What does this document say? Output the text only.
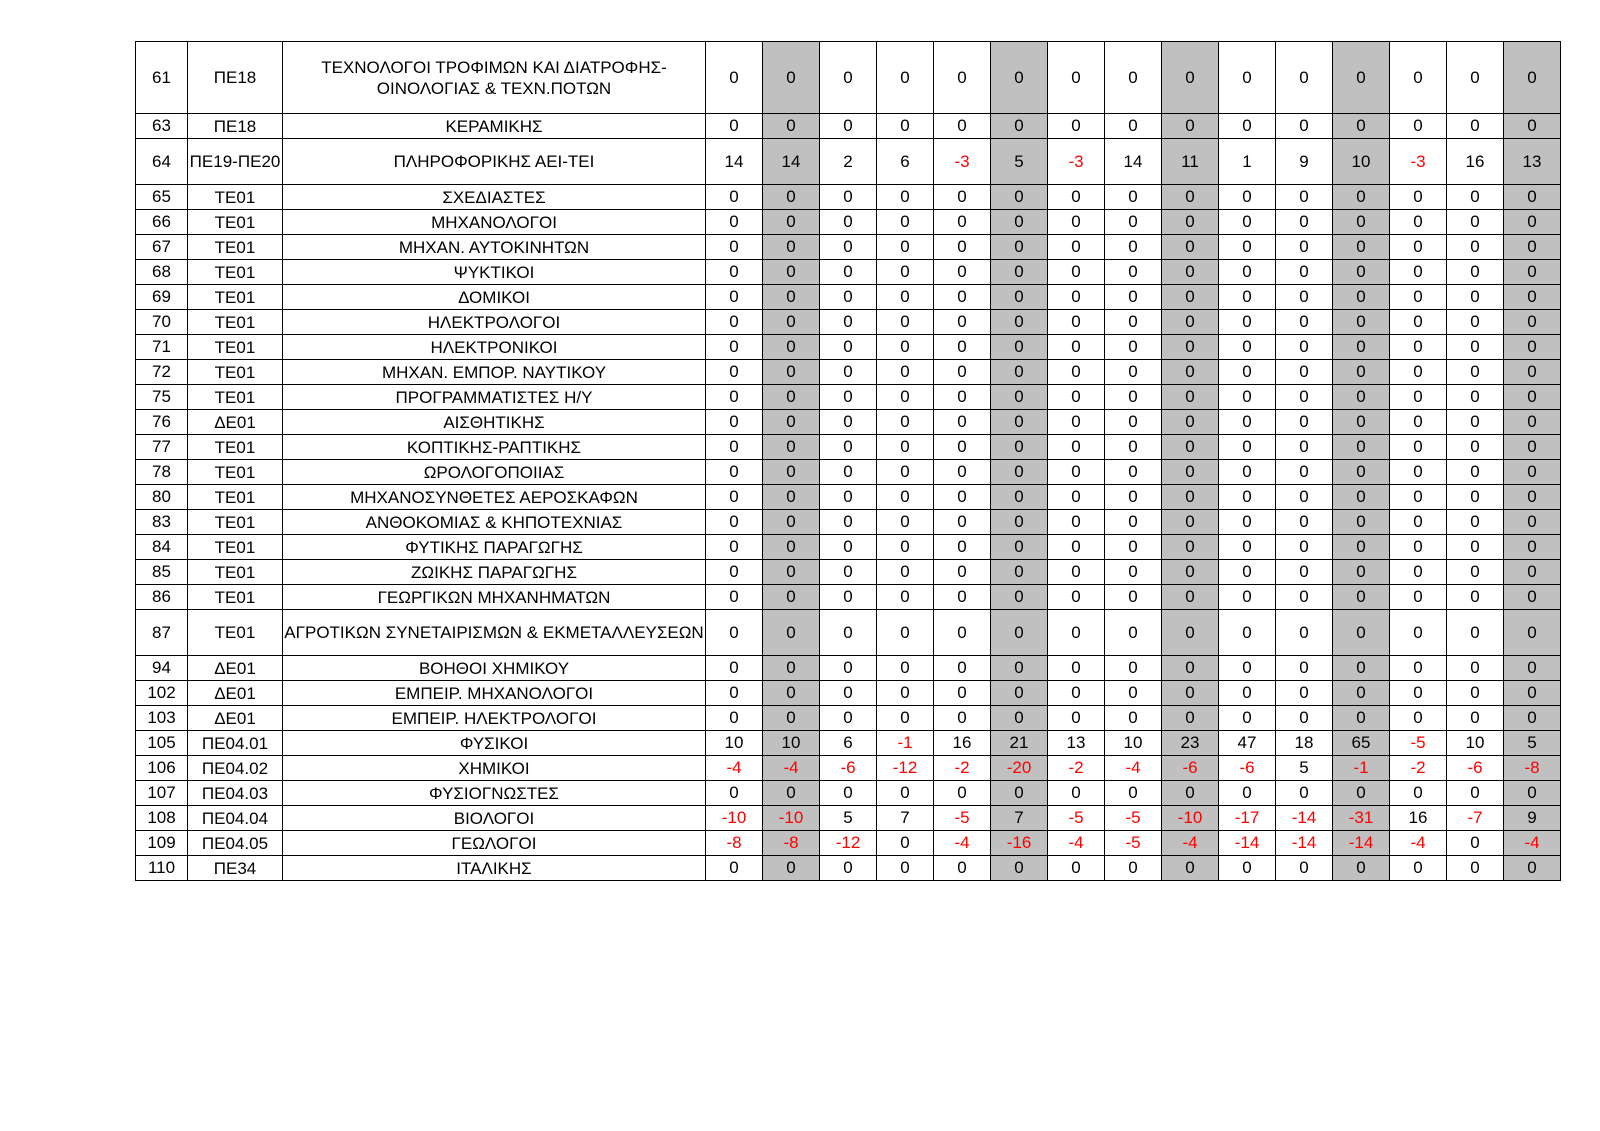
61	ΠΕ18	ΤΕΧΝΟΛΟΓΟΙ ΤΡΟΦΙΜΩΝ ΚΑΙ ΔΙΑΤΡΟΦΗΣ-ΟΙΝΟΛΟΓΙΑΣ & ΤΕΧΝ.ΠΟΤΩΝ	0	0	0	0	0	0	0	0	0	0	0	0	0	0	0
63	ΠΕ18	ΚΕΡΑΜΙΚΗΣ	0	0	0	0	0	0	0	0	0	0	0	0	0	0	0
64	ΠΕ19-ΠΕ20	ΠΛΗΡΟΦΟΡΙΚΗΣ ΑΕΙ-ΤΕΙ	14	14	2	6	-3	5	-3	14	11	1	9	10	-3	16	13
65	ΤΕ01	ΣΧΕΔΙΑΣΤΕΣ	0	0	0	0	0	0	0	0	0	0	0	0	0	0	0
66	ΤΕ01	ΜΗΧΑΝΟΛΟΓΟΙ	0	0	0	0	0	0	0	0	0	0	0	0	0	0	0
67	ΤΕ01	ΜΗΧΑΝ. ΑΥΤΟΚΙΝΗΤΩΝ	0	0	0	0	0	0	0	0	0	0	0	0	0	0	0
68	ΤΕ01	ΨΥΚΤΙΚΟΙ	0	0	0	0	0	0	0	0	0	0	0	0	0	0	0
69	ΤΕ01	ΔΟΜΙΚΟΙ	0	0	0	0	0	0	0	0	0	0	0	0	0	0	0
70	ΤΕ01	ΗΛΕΚΤΡΟΛΟΓΟΙ	0	0	0	0	0	0	0	0	0	0	0	0	0	0	0
71	ΤΕ01	ΗΛΕΚΤΡΟΝΙΚΟΙ	0	0	0	0	0	0	0	0	0	0	0	0	0	0	0
72	ΤΕ01	ΜΗΧΑΝ. ΕΜΠΟΡ. ΝΑΥΤΙΚΟΥ	0	0	0	0	0	0	0	0	0	0	0	0	0	0	0
75	ΤΕ01	ΠΡΟΓΡΑΜΜΑΤΙΣΤΕΣ Η/Υ	0	0	0	0	0	0	0	0	0	0	0	0	0	0	0
76	ΔΕ01	ΑΙΣΘΗΤΙΚΗΣ	0	0	0	0	0	0	0	0	0	0	0	0	0	0	0
77	ΤΕ01	ΚΟΠΤΙΚΗΣ-ΡΑΠΤΙΚΗΣ	0	0	0	0	0	0	0	0	0	0	0	0	0	0	0
78	ΤΕ01	ΩΡΟΛΟΓΟΠΟΙΙΑΣ	0	0	0	0	0	0	0	0	0	0	0	0	0	0	0
80	ΤΕ01	ΜΗΧΑΝΟΣΥΝΘΕΤΕΣ ΑΕΡΟΣΚΑΦΩΝ	0	0	0	0	0	0	0	0	0	0	0	0	0	0	0
83	ΤΕ01	ΑΝΘΟΚΟΜΙΑΣ & ΚΗΠΟΤΕΧΝΙΑΣ	0	0	0	0	0	0	0	0	0	0	0	0	0	0	0
84	ΤΕ01	ΦΥΤΙΚΗΣ ΠΑΡΑΓΩΓΗΣ	0	0	0	0	0	0	0	0	0	0	0	0	0	0	0
85	ΤΕ01	ΖΩΙΚΗΣ ΠΑΡΑΓΩΓΗΣ	0	0	0	0	0	0	0	0	0	0	0	0	0	0	0
86	ΤΕ01	ΓΕΩΡΓΙΚΩΝ ΜΗΧΑΝΗΜΑΤΩΝ	0	0	0	0	0	0	0	0	0	0	0	0	0	0	0
87	ΤΕ01	ΑΓΡΟΤΙΚΩΝ ΣΥΝΕΤΑΙΡΙΣΜΩΝ & ΕΚΜΕΤΑΛΛΕΥΣΕΩΝ	0	0	0	0	0	0	0	0	0	0	0	0	0	0	0
94	ΔΕ01	ΒΟΗΘΟΙ ΧΗΜΙΚΟΥ	0	0	0	0	0	0	0	0	0	0	0	0	0	0	0
102	ΔΕ01	ΕΜΠΕΙΡ. ΜΗΧΑΝΟΛΟΓΟΙ	0	0	0	0	0	0	0	0	0	0	0	0	0	0	0
103	ΔΕ01	ΕΜΠΕΙΡ. ΗΛΕΚΤΡΟΛΟΓΟΙ	0	0	0	0	0	0	0	0	0	0	0	0	0	0	0
105	ΠΕ04.01	ΦΥΣΙΚΟΙ	10	10	6	-1	16	21	13	10	23	47	18	65	-5	10	5
106	ΠΕ04.02	ΧΗΜΙΚΟΙ	-4	-4	-6	-12	-2	-20	-2	-4	-6	-6	5	-1	-2	-6	-8
107	ΠΕ04.03	ΦΥΣΙΟΓΝΩΣΤΕΣ	0	0	0	0	0	0	0	0	0	0	0	0	0	0	0
108	ΠΕ04.04	ΒΙΟΛΟΓΟΙ	-10	-10	5	7	-5	7	-5	-5	-10	-17	-14	-31	16	-7	9
109	ΠΕ04.05	ΓΕΩΛΟΓΟΙ	-8	-8	-12	0	-4	-16	-4	-5	-4	-14	-14	-14	-4	0	-4
110	ΠΕ34	ΙΤΑΛΙΚΗΣ	0	0	0	0	0	0	0	0	0	0	0	0	0	0	0
